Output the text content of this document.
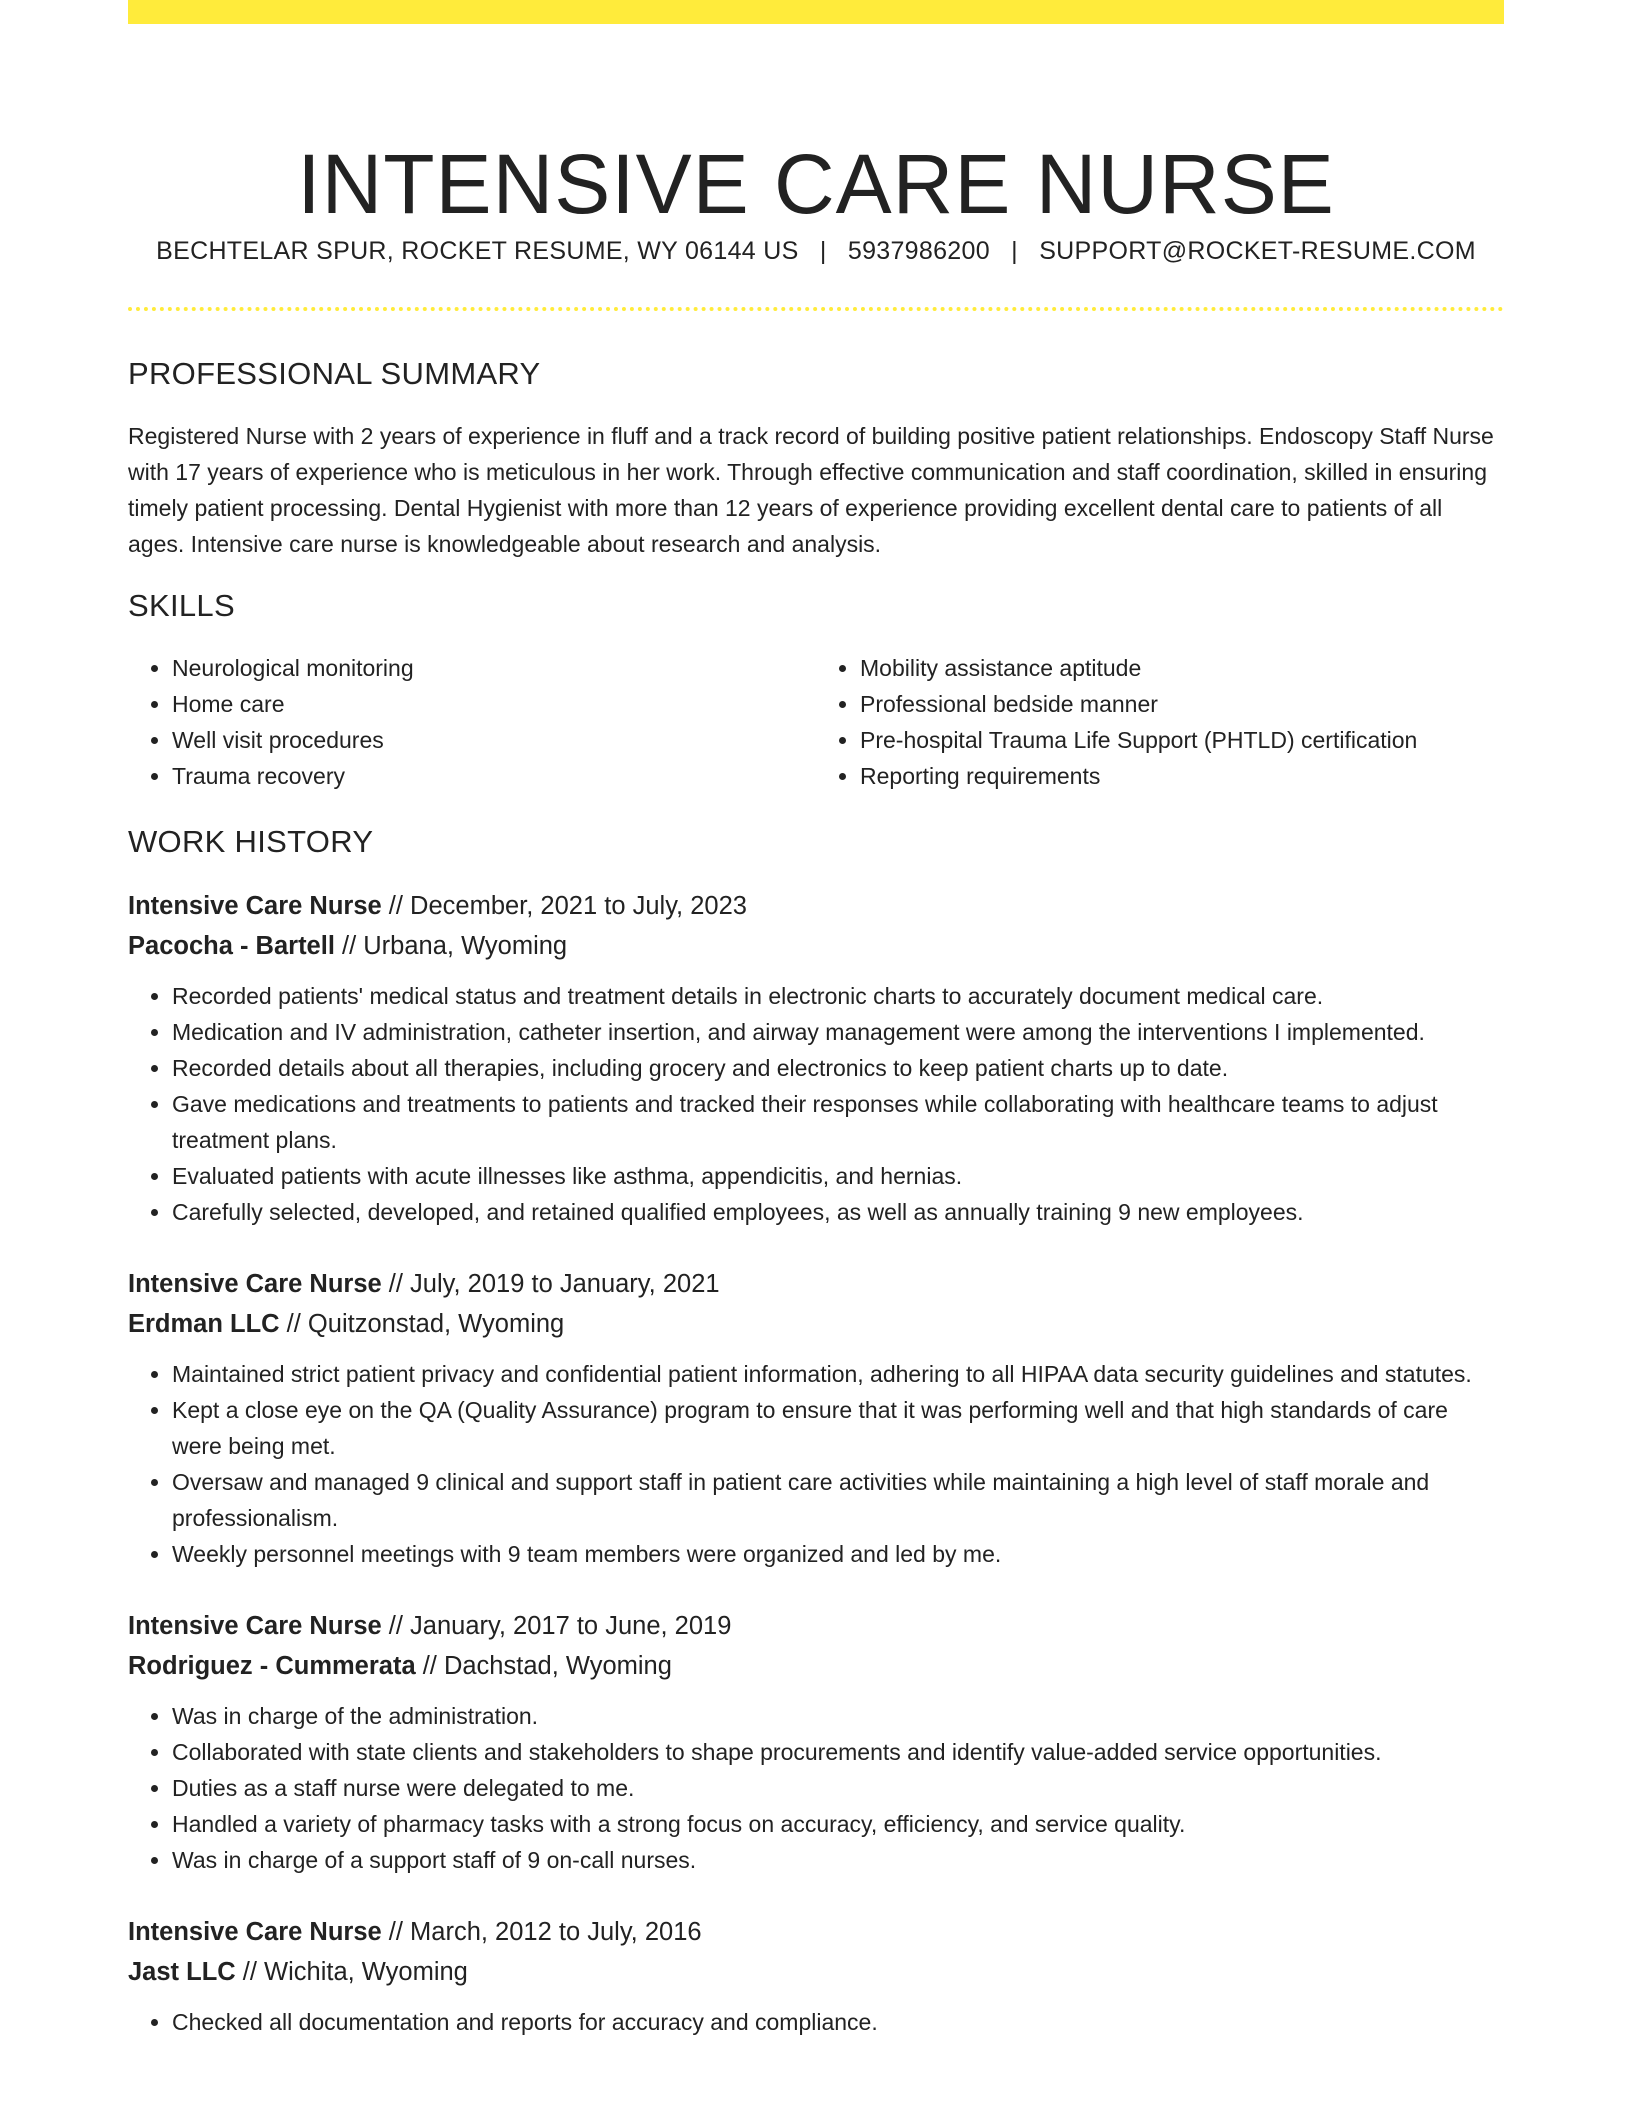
INTENSIVE CARE NURSE
BECHTELAR SPUR, ROCKET RESUME, WY 06144 US | 5937986200 | SUPPORT@ROCKET-RESUME.COM
PROFESSIONAL SUMMARY

Registered Nurse with 2 years of experience in fluff and a track record of building positive patient relationships. Endoscopy Staff Nurse with 17 years of experience who is meticulous in her work. Through effective communication and staff coordination, skilled in ensuring timely patient processing. Dental Hygienist with more than 12 years of experience providing excellent dental care to patients of all ages. Intensive care nurse is knowledgeable about research and analysis.

SKILLS
• Neurological monitoring
• Home care
• Well visit procedures
• Trauma recovery
• Mobility assistance aptitude
• Professional bedside manner
• Pre-hospital Trauma Life Support (PHTLD) certification
• Reporting requirements
WORK HISTORY
Intensive Care Nurse // December, 2021 to July, 2023
Pacocha - Bartell // Urbana, Wyoming
• Recorded patients' medical status and treatment details in electronic charts to accurately document medical care.
• Medication and IV administration, catheter insertion, and airway management were among the interventions I implemented.
• Recorded details about all therapies, including grocery and electronics to keep patient charts up to date.
• Gave medications and treatments to patients and tracked their responses while collaborating with healthcare teams to adjust treatment plans.
• Evaluated patients with acute illnesses like asthma, appendicitis, and hernias.
• Carefully selected, developed, and retained qualified employees, as well as annually training 9 new employees.
Intensive Care Nurse // July, 2019 to January, 2021
Erdman LLC // Quitzonstad, Wyoming
• Maintained strict patient privacy and confidential patient information, adhering to all HIPAA data security guidelines and statutes.
• Kept a close eye on the QA (Quality Assurance) program to ensure that it was performing well and that high standards of care were being met.
• Oversaw and managed 9 clinical and support staff in patient care activities while maintaining a high level of staff morale and professionalism.
• Weekly personnel meetings with 9 team members were organized and led by me.
Intensive Care Nurse // January, 2017 to June, 2019
Rodriguez - Cummerata // Dachstad, Wyoming
• Was in charge of the administration.
• Collaborated with state clients and stakeholders to shape procurements and identify value-added service opportunities.
• Duties as a staff nurse were delegated to me.
• Handled a variety of pharmacy tasks with a strong focus on accuracy, efficiency, and service quality.
• Was in charge of a support staff of 9 on-call nurses.
Intensive Care Nurse // March, 2012 to July, 2016
Jast LLC // Wichita, Wyoming
• Checked all documentation and reports for accuracy and compliance.
